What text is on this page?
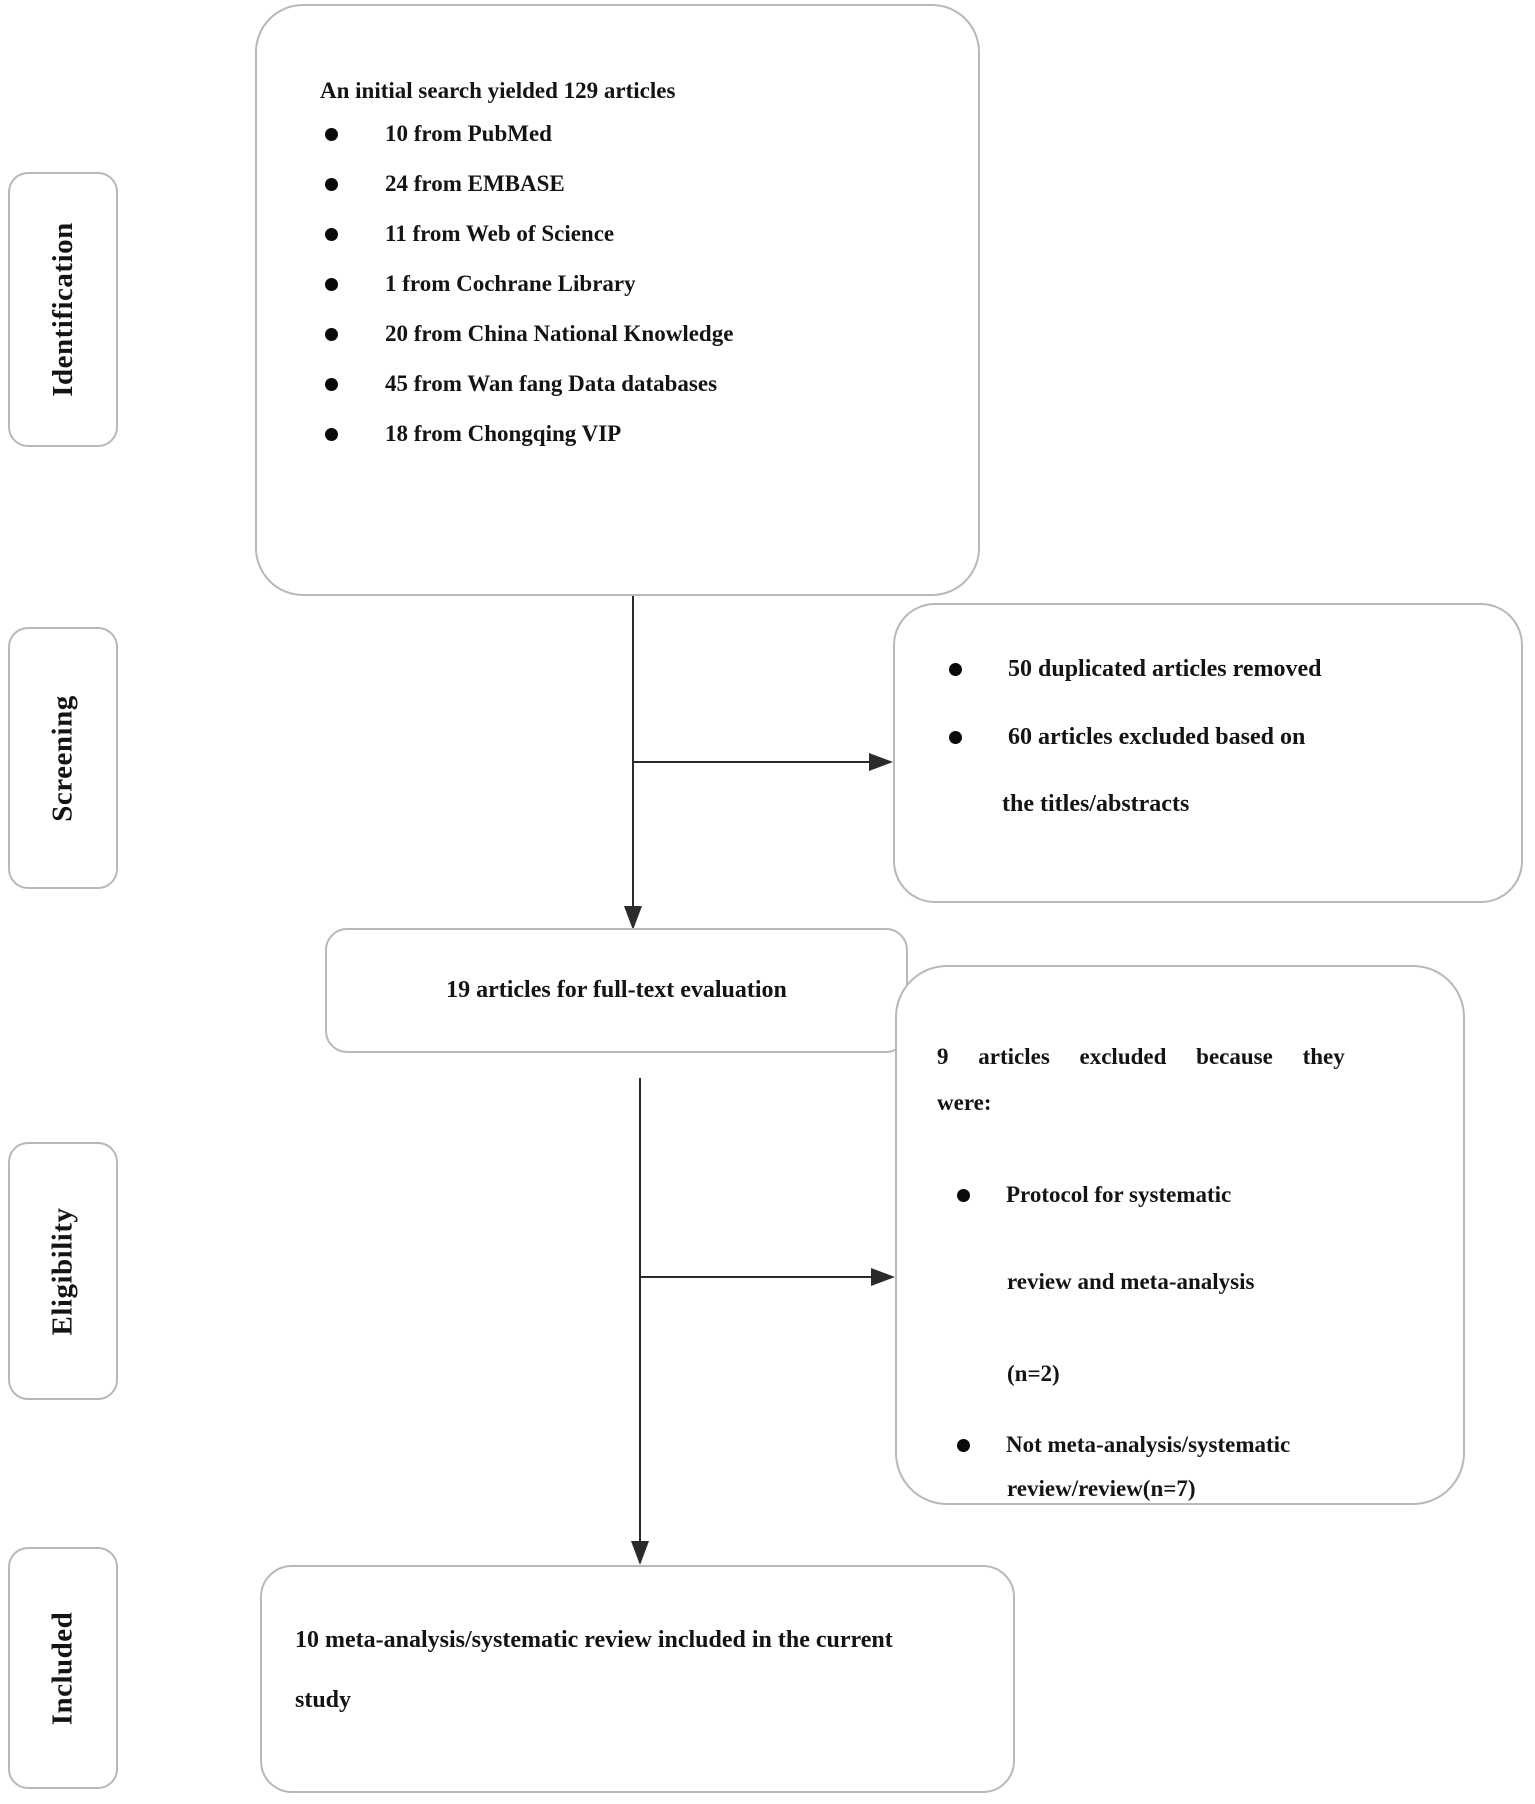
Identification
Screening
Eligibility
Included
An initial search yielded 129 articles
10 from PubMed
24 from EMBASE
11 from Web of Science
1 from Cochrane Library
20 from China National Knowledge
45 from Wan fang Data databases
18 from Chongqing VIP
50 duplicated articles removed
60 articles excluded based on
the titles/abstracts
19 articles for full-text evaluation
9 articles excluded because they
were:
Protocol for systematic
review and meta-analysis
(n=2)
Not meta-analysis/systematic
review/review(n=7)
10 meta-analysis/systematic review included in the current
study
